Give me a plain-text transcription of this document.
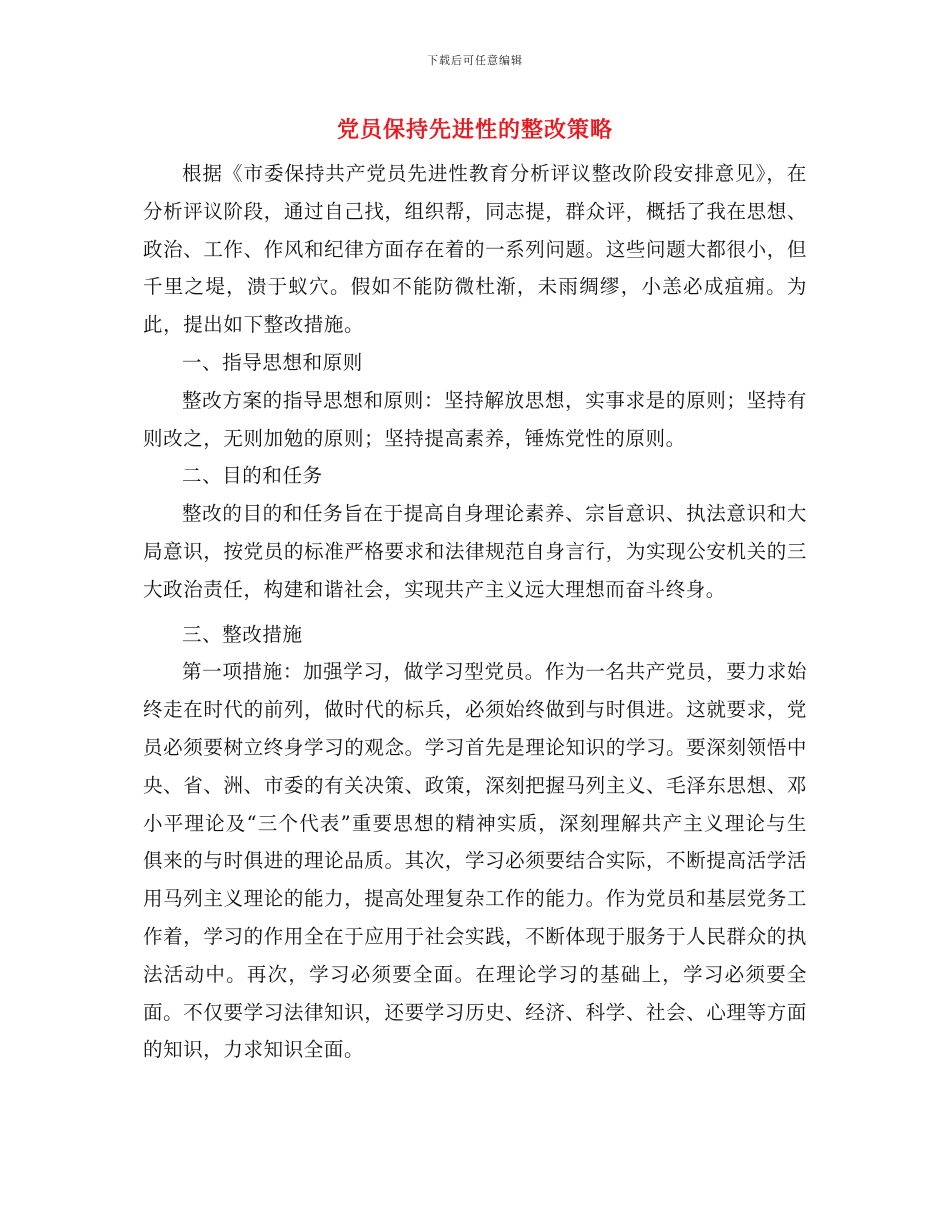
下载后可任意编辑
党员保持先进性的整改策略

根据《市委保持共产党员先进性教育分析评议整改阶段安排意见》，在分析评议阶段，通过自己找，组织帮，同志提，群众评，概括了我在思想、政治、工作、作风和纪律方面存在着的一系列问题。这些问题大都很小，但千里之堤，溃于蚁穴。假如不能防微杜渐，未雨绸缪，小恙必成疽痈。为此，提出如下整改措施。

一、指导思想和原则

整改方案的指导思想和原则：坚持解放思想，实事求是的原则；坚持有则改之，无则加勉的原则；坚持提高素养，锤炼党性的原则。

二、目的和任务

整改的目的和任务旨在于提高自身理论素养、宗旨意识、执法意识和大局意识，按党员的标准严格要求和法律规范自身言行，为实现公安机关的三大政治责任，构建和谐社会，实现共产主义远大理想而奋斗终身。

三、整改措施

第一项措施：加强学习，做学习型党员。作为一名共产党员，要力求始终走在时代的前列，做时代的标兵，必须始终做到与时俱进。这就要求，党员必须要树立终身学习的观念。学习首先是理论知识的学习。要深刻领悟中央、省、洲、市委的有关决策、政策，深刻把握马列主义、毛泽东思想、邓小平理论及“三个代表”重要思想的精神实质，深刻理解共产主义理论与生俱来的与时俱进的理论品质。其次，学习必须要结合实际，不断提高活学活用马列主义理论的能力，提高处理复杂工作的能力。作为党员和基层党务工作着，学习的作用全在于应用于社会实践，不断体现于服务于人民群众的执法活动中。再次，学习必须要全面。在理论学习的基础上，学习必须要全面。不仅要学习法律知识，还要学习历史、经济、科学、社会、心理等方面的知识，力求知识全面。
